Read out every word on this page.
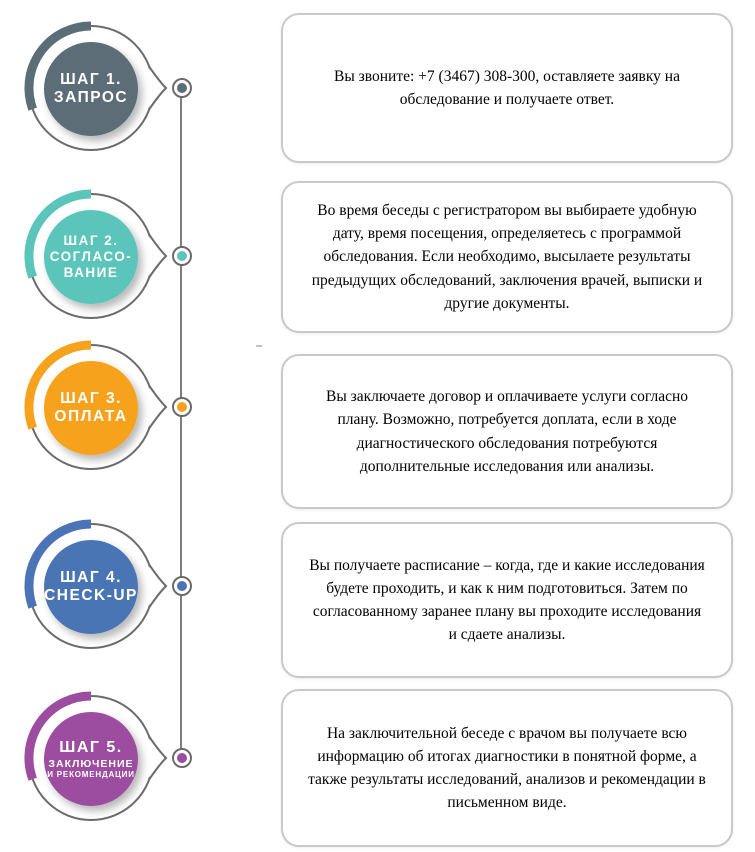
ШАГ 1.
ЗАПРОС

Вы звоните: +7 (3467) 308-300, оставляете заявку на обследование и получаете ответ.

ШАГ 2.
СОГЛАСО-
ВАНИЕ

Во время беседы с регистратором вы выбираете удобную дату, время посещения, определяетесь с программой обследования. Если необходимо, высылаете результаты предыдущих обследований, заключения врачей, выписки и другие документы.

ШАГ 3.
ОПЛАТА

Вы заключаете договор и оплачиваете услуги согласно плану. Возможно, потребуется доплата, если в ходе диагностического обследования потребуются дополнительные исследования или анализы.

ШАГ 4.
CHECK-UP

Вы получаете расписание – когда, где и какие исследования будете проходить, и как к ним подготовиться. Затем по согласованному заранее плану вы проходите исследования и сдаете анализы.

ШАГ 5.
ЗАКЛЮЧЕНИЕ
И РЕКОМЕНДАЦИИ

На заключительной беседе с врачом вы получаете всю информацию об итогах диагностики в понятной форме, а также результаты исследований, анализов и рекомендации в письменном виде.
